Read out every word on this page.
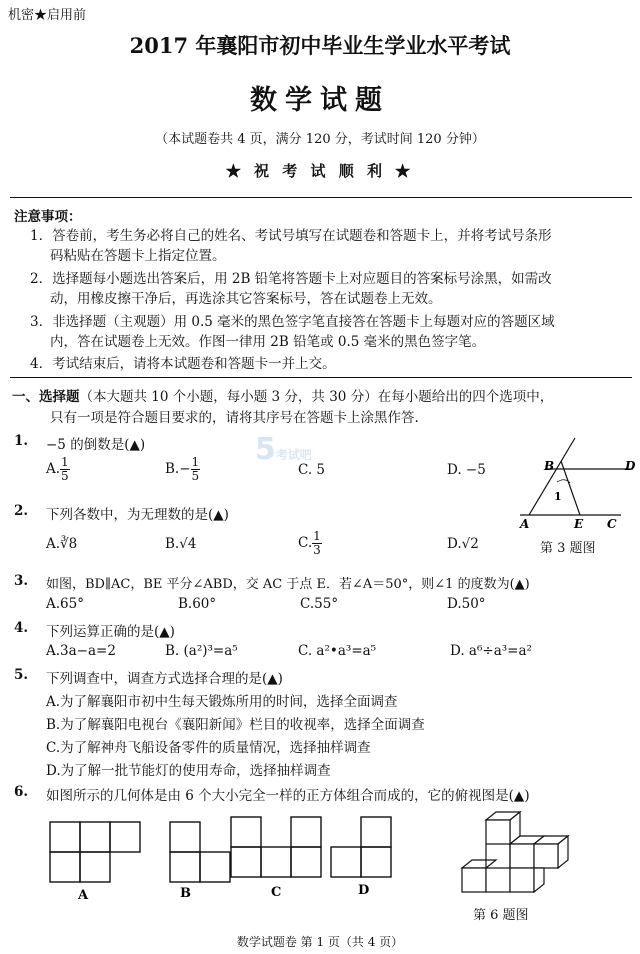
机密★启用前
2017 年襄阳市初中毕业生学业水平考试
数学试题
（本试题卷共 4 页，满分 120 分，考试时间 120 分钟）
★ 祝 考 试 顺 利 ★
注意事项：
1．答卷前，考生务必将自己的姓名、考试号填写在试题卷和答题卡上，并将考试号条形
码粘贴在答题卡上指定位置。
2．选择题每小题选出答案后，用 2B 铅笔将答题卡上对应题目的答案标号涂黑，如需改
动，用橡皮擦干净后，再选涂其它答案标号，答在试题卷上无效。
3．非选择题（主观题）用 0.5 毫米的黑色签字笔直接答在答题卡上每题对应的答题区域
内，答在试题卷上无效。作图一律用 2B 铅笔或 0.5 毫米的黑色签字笔。
4．考试结束后，请将本试题卷和答题卡一并上交。
一、选择题（本大题共 10 个小题，每小题 3 分，共 30 分）在每小题给出的四个选项中，
只有一项是符合题目要求的，请将其序号在答题卡上涂黑作答.
1. −5 的倒数是(▲)
A. $\frac{1}{5}$	$B.- \frac{1}{5}$	C. 5	D. −5
5考试吧
2. 下列各数中，为无理数的是(▲)
A.∛8	B.√4	C. $\frac{1}{3}$	D.√2
B	D
A	E C
1
第 3 题图
3. 如图，BD∥AC，BE 平分∠ABD，交 AC 于点 E．若∠A＝50°，则∠1 的度数为(▲)
A.65°	B.60°	C.55°	D.50°
4. 下列运算正确的是(▲)
A.3a−a=2	B. (a²)³=a⁵	C. a²•a³=a⁵	D. a⁶÷a³=a²
5. 下列调查中，调查方式选择合理的是(▲)
A.为了解襄阳市初中生每天锻炼所用的时间，选择全面调查
B.为了解襄阳电视台《襄阳新闻》栏目的收视率，选择全面调查
C.为了解神舟飞船设备零件的质量情况，选择抽样调查
D.为了解一批节能灯的使用寿命，选择抽样调查
6. 如图所示的几何体是由 6 个大小完全一样的正方体组合而成的，它的俯视图是(▲)
A	B	C	D
第 6 题图
数学试题卷 第 1 页（共 4 页）
